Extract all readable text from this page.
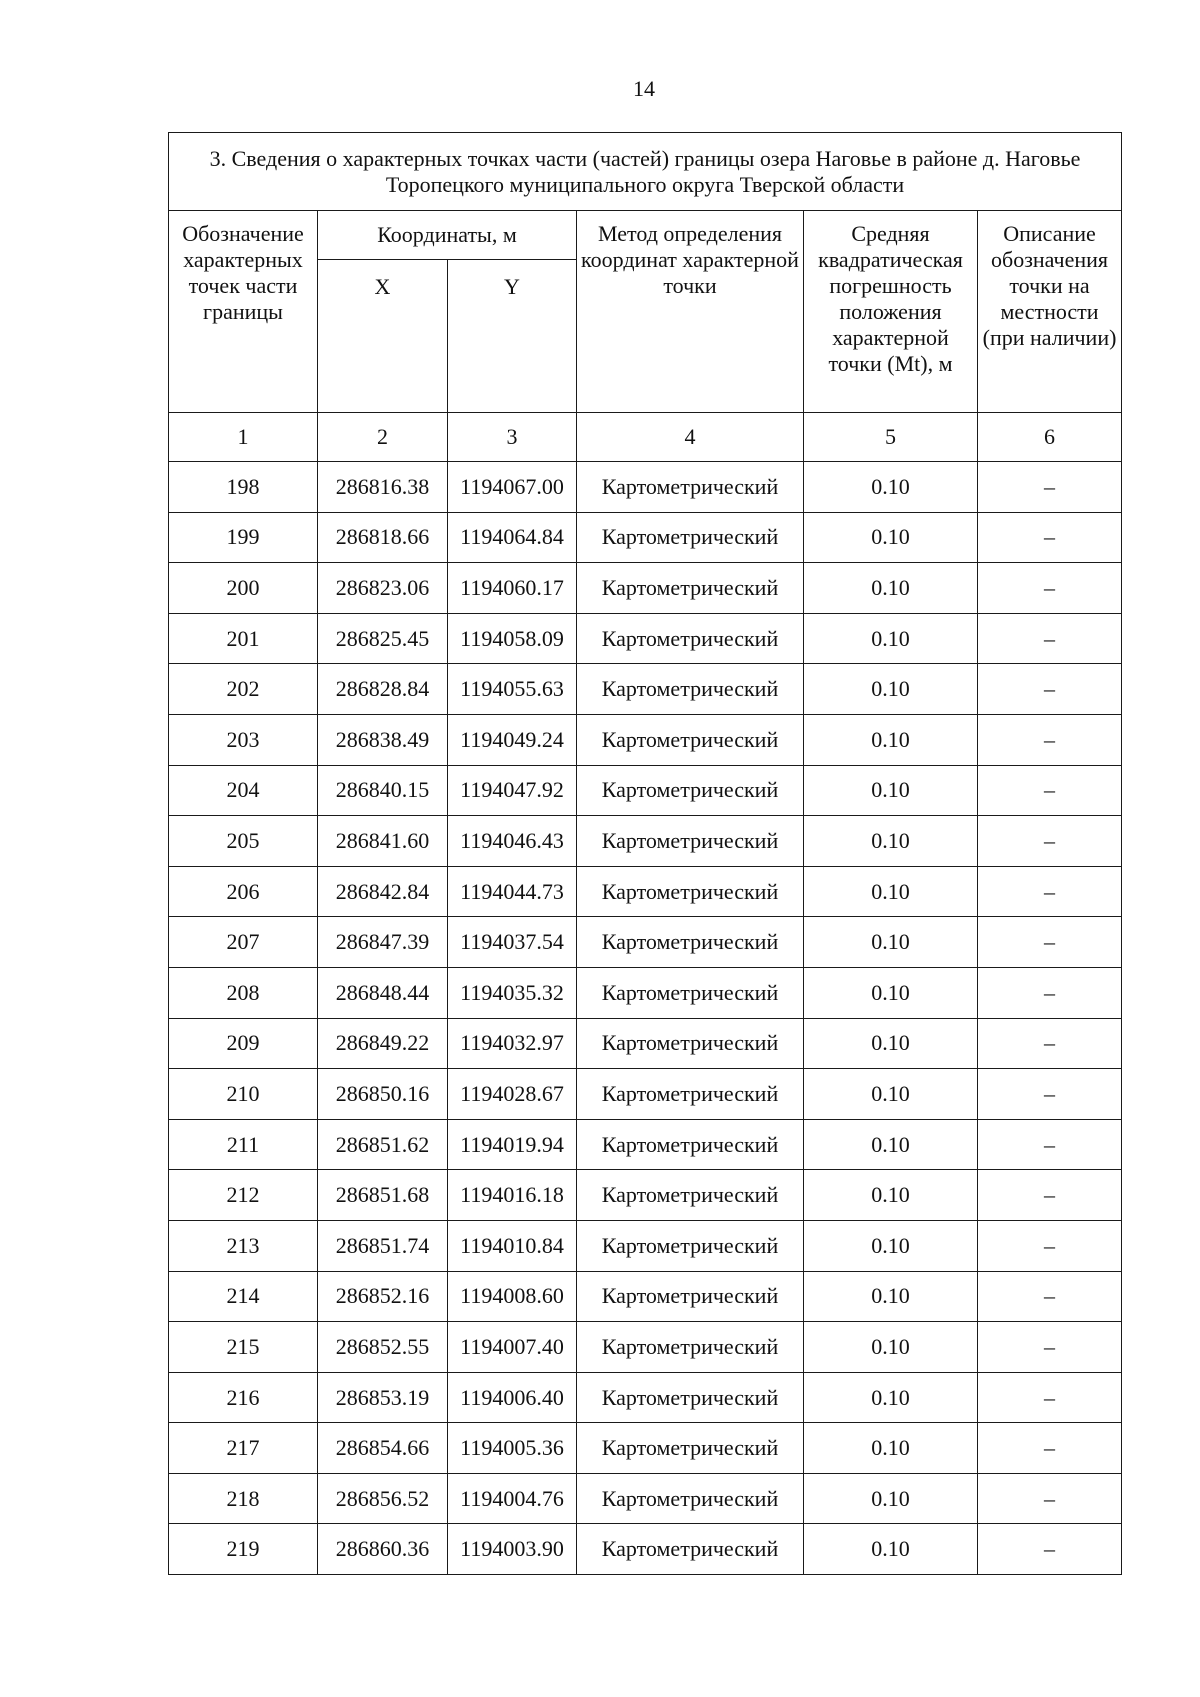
14
3. Сведения о характерных точках части (частей) границы озера Наговье в районе д. Наговье Торопецкого муниципального округа Тверской области					
Обозначение характерных точек части границы	Координаты, м		Метод определения координат характерной точки	Средняя квадратическая погрешность положения характерной точки (Mt), м	Описание обозначения точки на местности (при наличии)
	X	Y			
1	2	3	4	5	6
198	286816.38	1194067.00	Картометрический	0.10	–
199	286818.66	1194064.84	Картометрический	0.10	–
200	286823.06	1194060.17	Картометрический	0.10	–
201	286825.45	1194058.09	Картометрический	0.10	–
202	286828.84	1194055.63	Картометрический	0.10	–
203	286838.49	1194049.24	Картометрический	0.10	–
204	286840.15	1194047.92	Картометрический	0.10	–
205	286841.60	1194046.43	Картометрический	0.10	–
206	286842.84	1194044.73	Картометрический	0.10	–
207	286847.39	1194037.54	Картометрический	0.10	–
208	286848.44	1194035.32	Картометрический	0.10	–
209	286849.22	1194032.97	Картометрический	0.10	–
210	286850.16	1194028.67	Картометрический	0.10	–
211	286851.62	1194019.94	Картометрический	0.10	–
212	286851.68	1194016.18	Картометрический	0.10	–
213	286851.74	1194010.84	Картометрический	0.10	–
214	286852.16	1194008.60	Картометрический	0.10	–
215	286852.55	1194007.40	Картометрический	0.10	–
216	286853.19	1194006.40	Картометрический	0.10	–
217	286854.66	1194005.36	Картометрический	0.10	–
218	286856.52	1194004.76	Картометрический	0.10	–
219	286860.36	1194003.90	Картометрический	0.10	–
